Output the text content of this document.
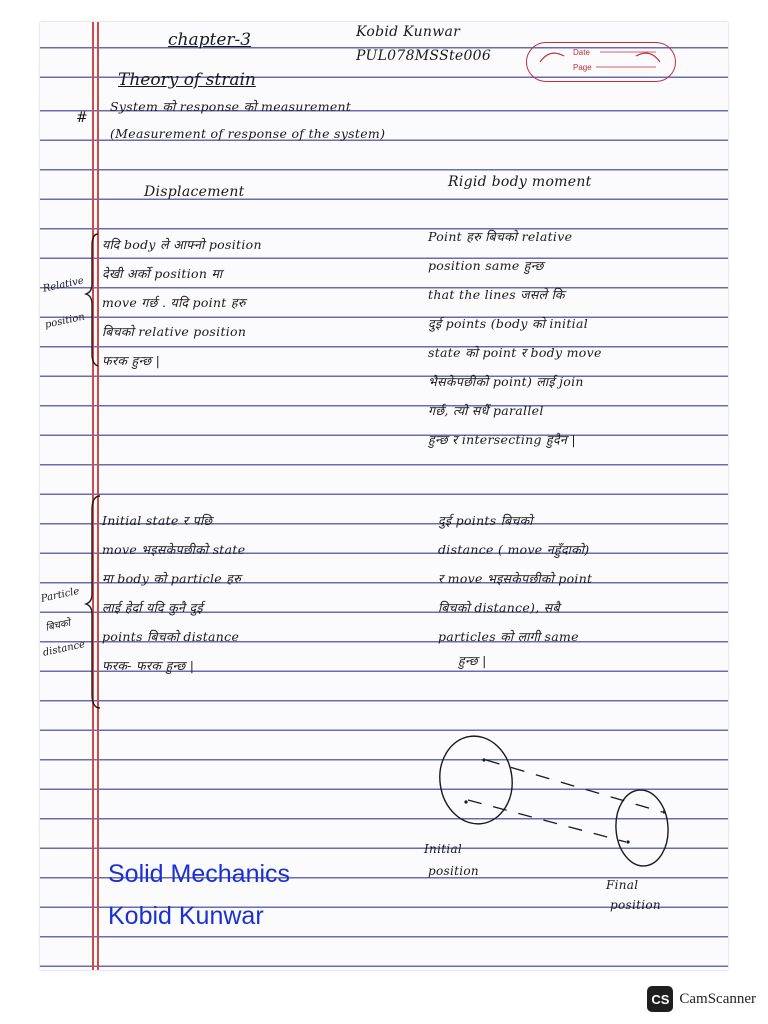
chapter-3
Theory of strain
Kobid Kunwar
PUL078MSSte006	Date
Page
#
System को response को measurement
(Measurement of response of the system)
Displacement
Rigid body moment
Relative
position
यदि body ले आफ्नो position
देखी अर्को position मा
move गर्छ . यदि point हरु
बिचको relative position
फरक हुन्छ |
Point हरु बिचको relative
position same हुन्छ
that the lines जसले कि
दुई points (body को initial
state को point र body move
भैसकेपछीको point) लाई join
गर्छ, त्यो सधैं parallel
हुन्छ र intersecting हुदैन |
Particle
बिचको
distance
Initial state र पछि
move भइसकेपछीको state
मा body को particle हरु
लाई हेर्दा यदि कुनै दुई
points बिचको distance
फरक- फरक हुन्छ |
दुई points बिचको
distance ( move नहुँदाको)
र move भइसकेपछीको point
बिचको distance), सबै
particles को लागी same
हुन्छ |
Initial
position
Final
position
Solid Mechanics
Kobid Kunwar
CS CamScanner
